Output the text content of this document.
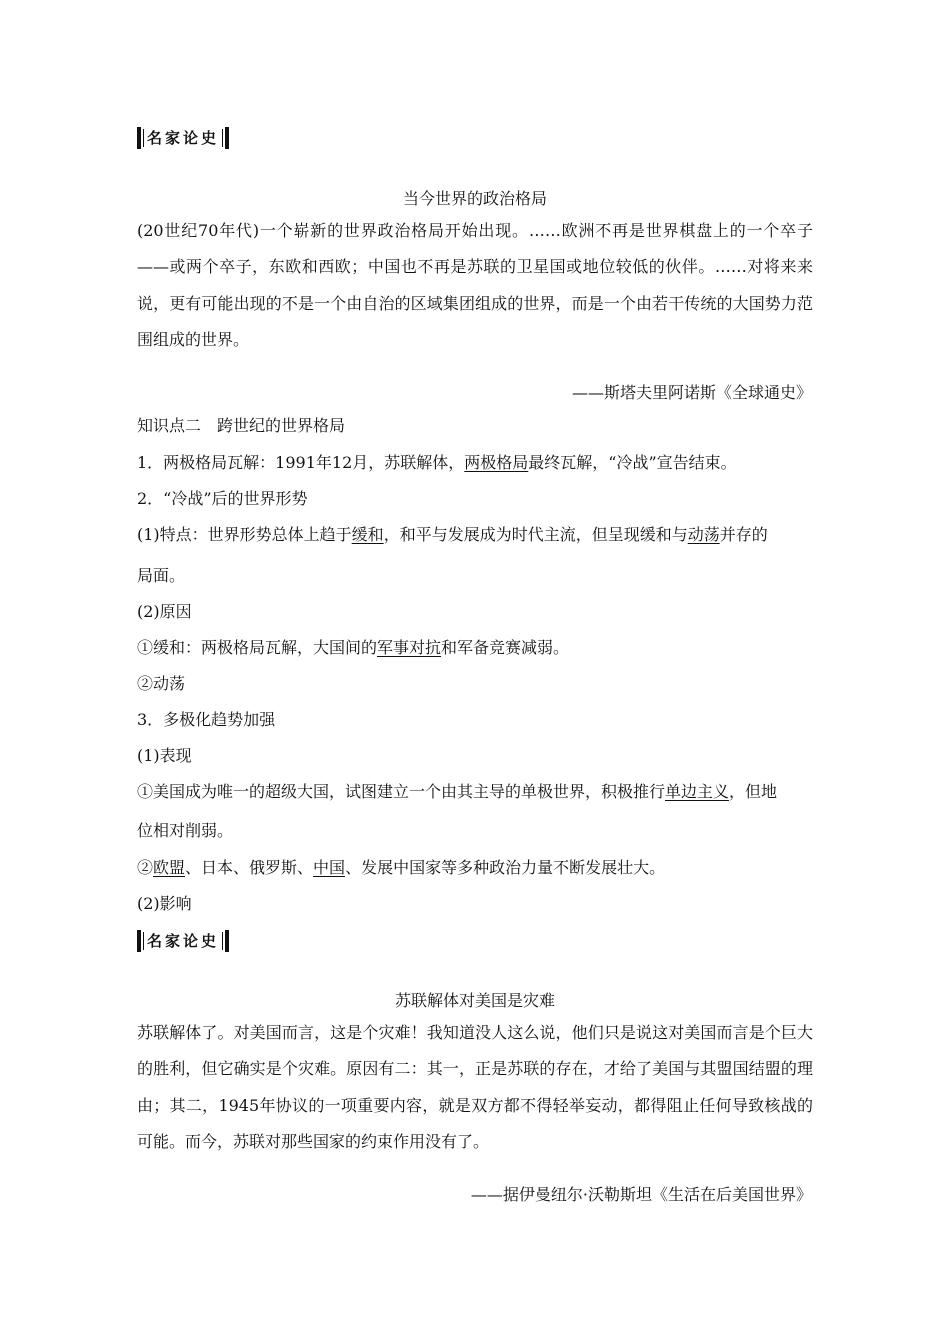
名家论史
当今世界的政治格局

(20世纪70年代)一个崭新的世界政治格局开始出现。……欧洲不再是世界棋盘上的一个卒子——或两个卒子，东欧和西欧；中国也不再是苏联的卫星国或地位较低的伙伴。……对将来来说，更有可能出现的不是一个由自治的区域集团组成的世界，而是一个由若干传统的大国势力范围组成的世界。

——斯塔夫里阿诺斯《全球通史》
知识点二　跨世纪的世界格局
1．两极格局瓦解：1991年12月，苏联解体，两极格局最终瓦解，“冷战”宣告结束。
2．“冷战”后的世界形势
(1)特点：世界形势总体上趋于缓和，和平与发展成为时代主流，但呈现缓和与动荡并存的
局面。
(2)原因
①缓和：两极格局瓦解，大国间的军事对抗和军备竞赛减弱。
②动荡
3．多极化趋势加强
(1)表现
①美国成为唯一的超级大国，试图建立一个由其主导的单极世界，积极推行单边主义，但地
位相对削弱。
②欧盟、日本、俄罗斯、中国、发展中国家等多种政治力量不断发展壮大。
(2)影响
名家论史
苏联解体对美国是灾难

苏联解体了。对美国而言，这是个灾难！我知道没人这么说，他们只是说这对美国而言是个巨大的胜利，但它确实是个灾难。原因有二：其一，正是苏联的存在，才给了美国与其盟国结盟的理由；其二，1945年协议的一项重要内容，就是双方都不得轻举妄动，都得阻止任何导致核战的可能。而今，苏联对那些国家的约束作用没有了。

——据伊曼纽尔·沃勒斯坦《生活在后美国世界》
